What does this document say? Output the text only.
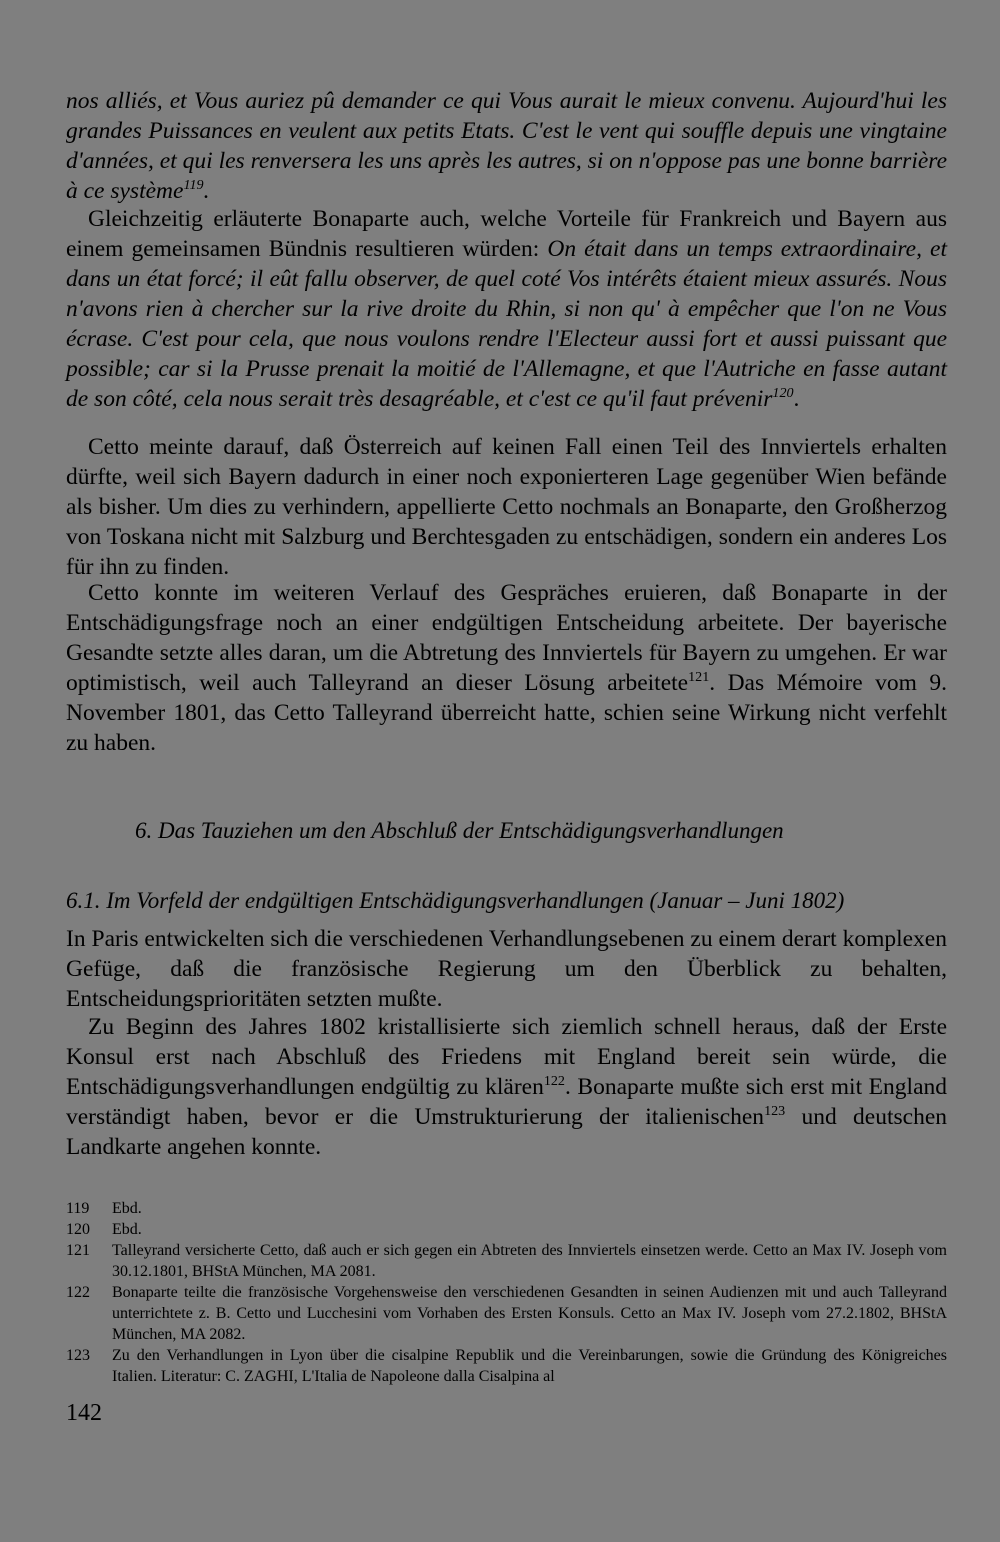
nos alliés, et Vous auriez pû demander ce qui Vous aurait le mieux convenu. Aujourd'hui les grandes Puissances en veulent aux petits Etats. C'est le vent qui souffle depuis une vingtaine d'années, et qui les renversera les uns après les autres, si on n'oppose pas une bonne barrière à ce système$^{119}$.
Gleichzeitig erläuterte Bonaparte auch, welche Vorteile für Frankreich und Bayern aus einem gemeinsamen Bündnis resultieren würden: On était dans un temps extraordinaire, et dans un état forcé; il eût fallu observer, de quel coté Vos intérêts étaient mieux assurés. Nous n'avons rien à chercher sur la rive droite du Rhin, si non qu' à empêcher que l'on ne Vous écrase. C'est pour cela, que nous voulons rendre l'Electeur aussi fort et aussi puissant que possible; car si la Prusse prenait la moitié de l'Allemagne, et que l'Autriche en fasse autant de son côté, cela nous serait très desagréable, et c'est ce qu'il faut prévenir$^{120}$.
Cetto meinte darauf, daß Österreich auf keinen Fall einen Teil des Innviertels erhalten dürfte, weil sich Bayern dadurch in einer noch exponierteren Lage gegenüber Wien befände als bisher. Um dies zu verhindern, appellierte Cetto nochmals an Bonaparte, den Großherzog von Toskana nicht mit Salzburg und Berchtesgaden zu entschädigen, sondern ein anderes Los für ihn zu finden.
Cetto konnte im weiteren Verlauf des Gespräches eruieren, daß Bonaparte in der Entschädigungsfrage noch an einer endgültigen Entscheidung arbeitete. Der bayerische Gesandte setzte alles daran, um die Abtretung des Innviertels für Bayern zu umgehen. Er war optimistisch, weil auch Talleyrand an dieser Lösung arbeitete$^{121}$. Das Mémoire vom 9. November 1801, das Cetto Talleyrand überreicht hatte, schien seine Wirkung nicht verfehlt zu haben.
6. Das Tauziehen um den Abschluß der Entschädigungsverhandlungen
6.1. Im Vorfeld der endgültigen Entschädigungsverhandlungen (Januar – Juni 1802)
In Paris entwickelten sich die verschiedenen Verhandlungsebenen zu einem derart komplexen Gefüge, daß die französische Regierung um den Überblick zu behalten, Entscheidungsprioritäten setzten mußte.
Zu Beginn des Jahres 1802 kristallisierte sich ziemlich schnell heraus, daß der Erste Konsul erst nach Abschluß des Friedens mit England bereit sein würde, die Entschädigungsverhandlungen endgültig zu klären$^{122}$. Bonaparte mußte sich erst mit England verständigt haben, bevor er die Umstrukturierung der italienischen$^{123}$ und deutschen Landkarte angehen konnte.
119	Ebd.
120	Ebd.
121	Talleyrand versicherte Cetto, daß auch er sich gegen ein Abtreten des Innviertels einsetzen werde. Cetto an Max IV. Joseph vom 30.12.1801, BHStA München, MA 2081.
122	Bonaparte teilte die französische Vorgehensweise den verschiedenen Gesandten in seinen Audienzen mit und auch Talleyrand unterrichtete z. B. Cetto und Lucchesini vom Vorhaben des Ersten Konsuls. Cetto an Max IV. Joseph vom 27.2.1802, BHStA München, MA 2082.
123	Zu den Verhandlungen in Lyon über die cisalpine Republik und die Vereinbarungen, sowie die Gründung des Königreiches Italien. Literatur: C. ZAGHI, L'Italia de Napoleone dalla Cisalpina al
142
